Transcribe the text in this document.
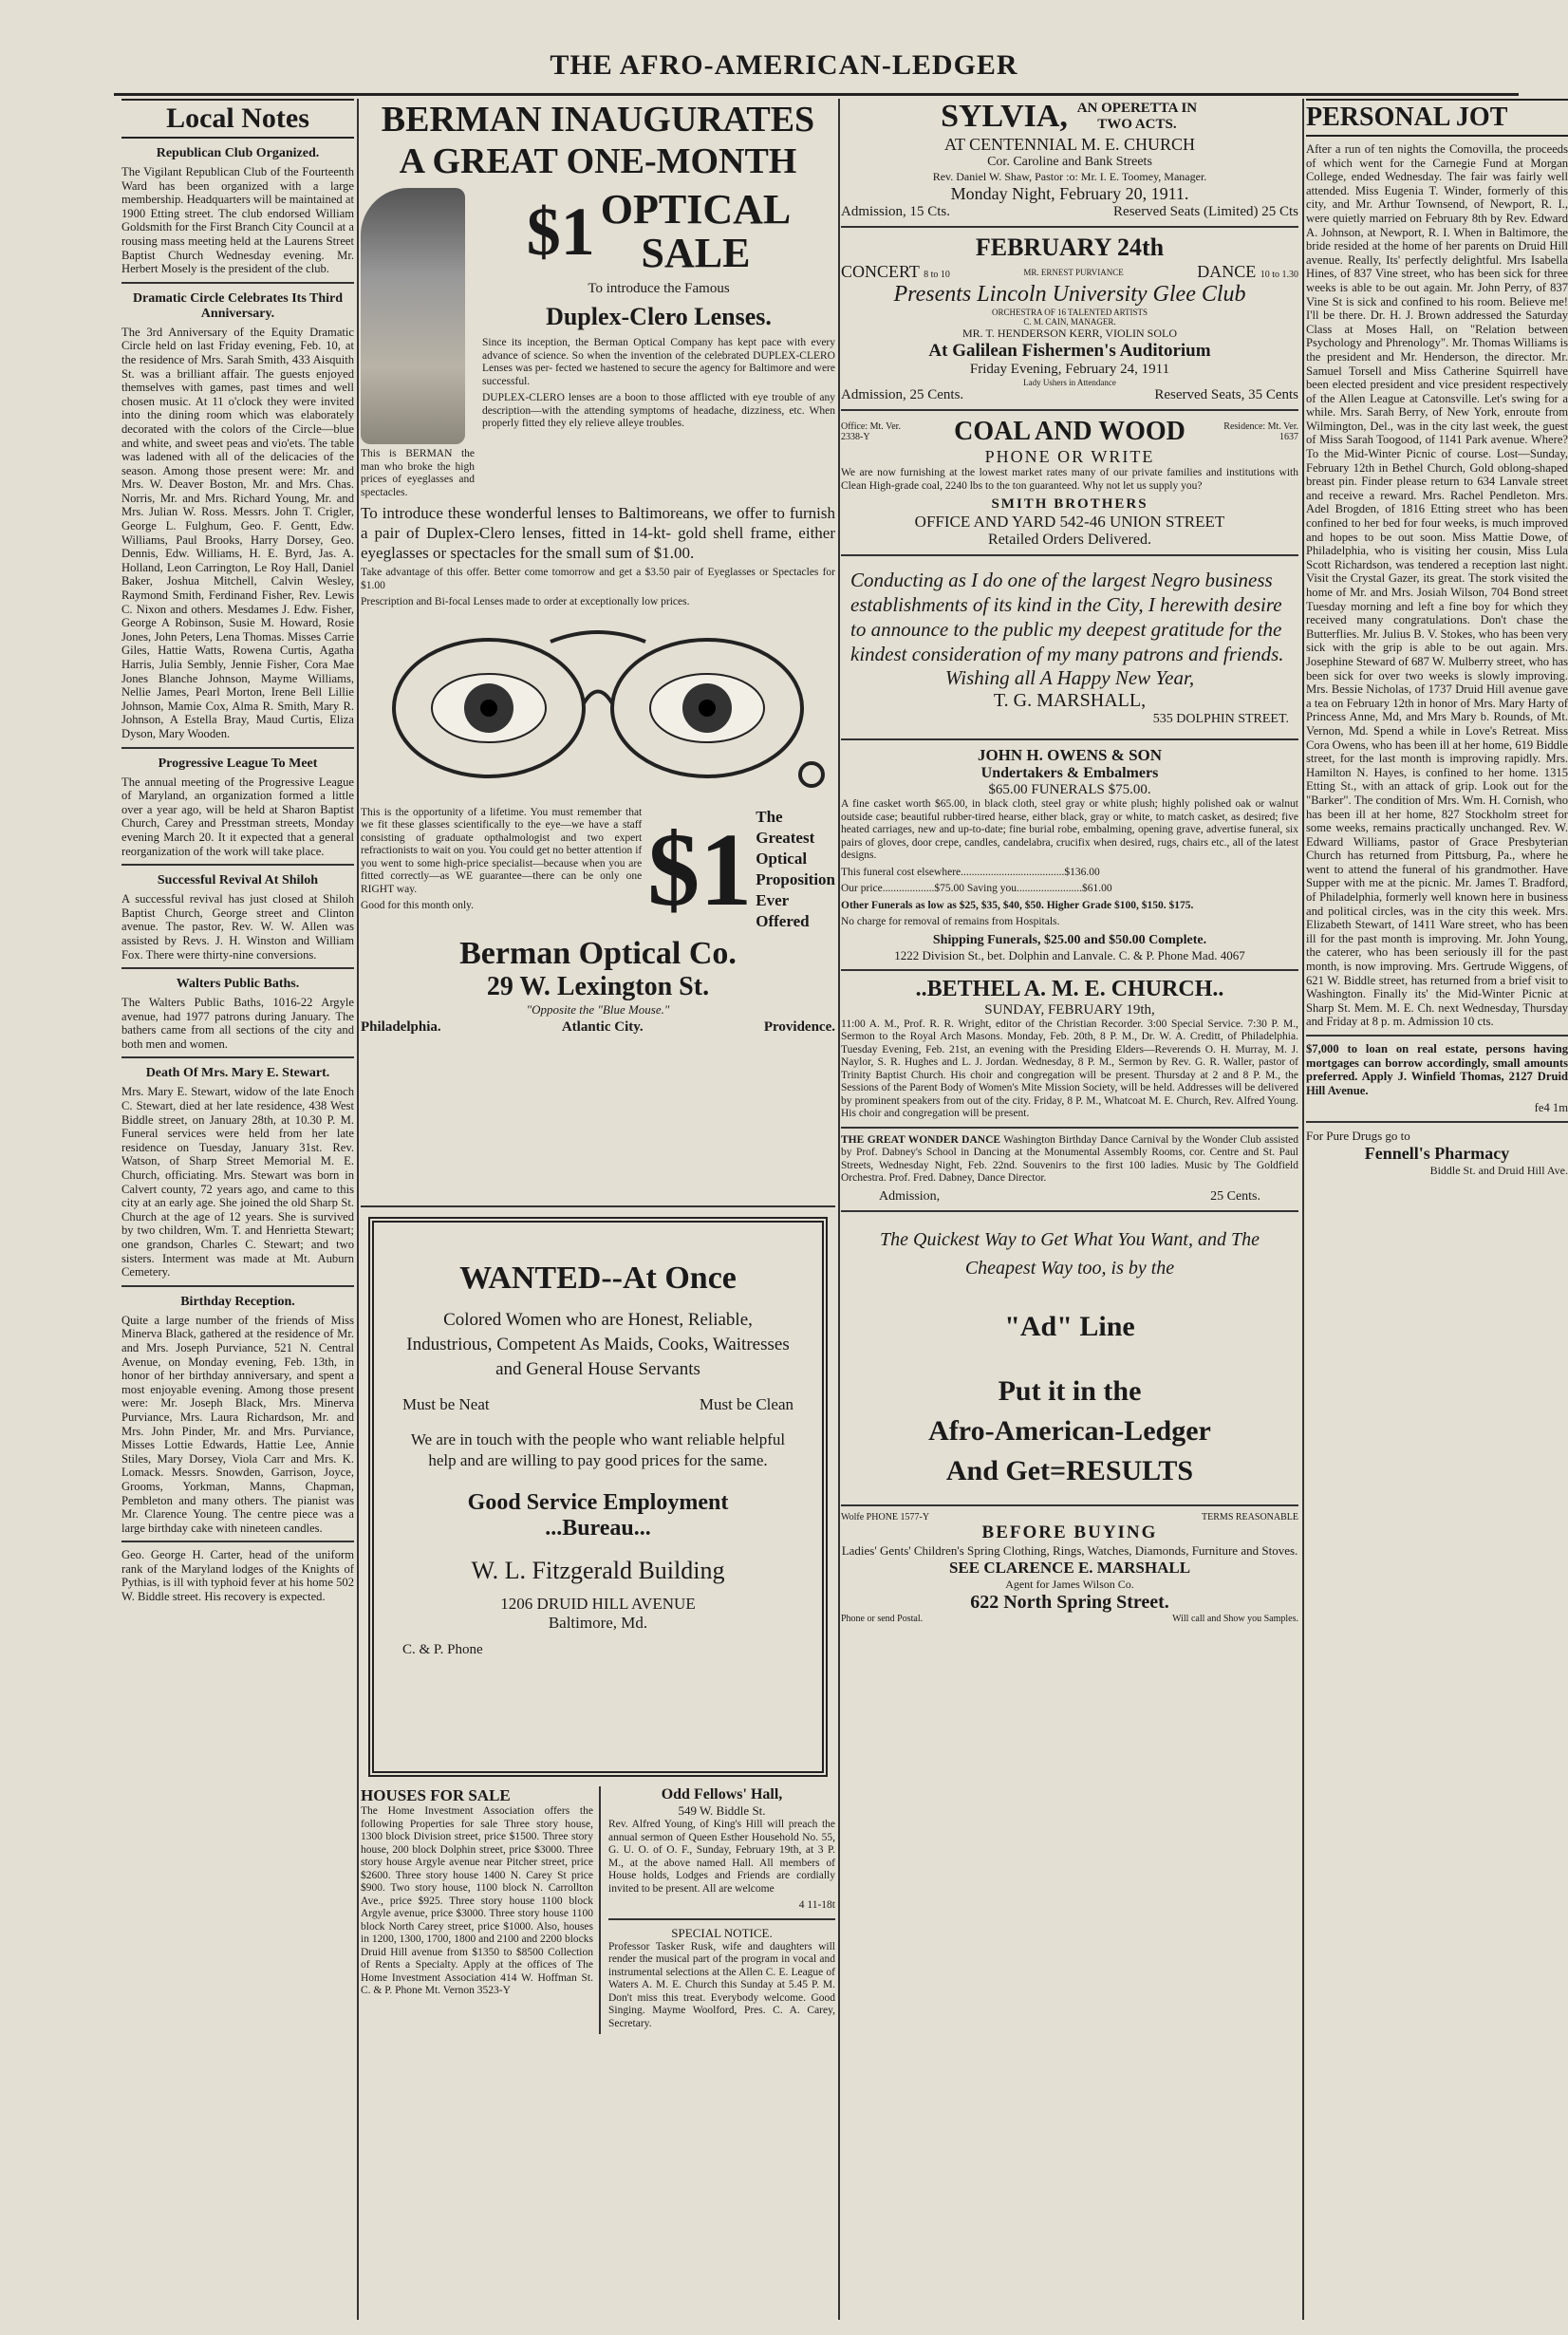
THE AFRO-AMERICAN-LEDGER
Local Notes
Republican Club Organized.

The Vigilant Republican Club of the Fourteenth Ward has been organized with a large membership. Headquarters will be maintained at 1900 Etting street. The club endorsed William Goldsmith for the First Branch City Council at a rousing mass meeting held at the Laurens Street Baptist Church Wednesday evening. Mr. Herbert Mosely is the president of the club.

Dramatic Circle Celebrates Its Third Anniversary.

The 3rd Anniversary of the Equity Dramatic Circle held on last Friday evening, Feb. 10, at the residence of Mrs. Sarah Smith, 433 Aisquith St. was a brilliant affair. The guests enjoyed themselves with games, past times and well chosen music. At 11 o'clock they were invited into the dining room which was elaborately decorated with the colors of the Circle—blue and white, and sweet peas and vio'ets. The table was ladened with all of the delicacies of the season. Among those present were: Mr. and Mrs. W. Deaver Boston, Mr. and Mrs. Chas. Norris, Mr. and Mrs. Richard Young, Mr. and Mrs. Julian W. Ross. Messrs. John T. Crigler, George L. Fulghum, Geo. F. Gentt, Edw. Williams, Paul Brooks, Harry Dorsey, Geo. Dennis, Edw. Williams, H. E. Byrd, Jas. A. Holland, Leon Carrington, Le Roy Hall, Daniel Baker, Joshua Mitchell, Calvin Wesley, Raymond Smith, Ferdinand Fisher, Rev. Lewis C. Nixon and others. Mesdames J. Edw. Fisher, George A Robinson, Susie M. Howard, Rosie Jones, John Peters, Lena Thomas. Misses Carrie Giles, Hattie Watts, Rowena Curtis, Agatha Harris, Julia Sembly, Jennie Fisher, Cora Mae Jones Blanche Johnson, Mayme Williams, Nellie James, Pearl Morton, Irene Bell Lillie Johnson, Mamie Cox, Alma R. Smith, Mary R. Johnson, A Estella Bray, Maud Curtis, Eliza Dyson, Mary Wooden.

Progressive League To Meet

The annual meeting of the Progressive League of Maryland, an organization formed a little over a year ago, will be held at Sharon Baptist Church, Carey and Presstman streets, Monday evening March 20. It it expected that a general reorganization of the work will take place.

Successful Revival At Shiloh

A successful revival has just closed at Shiloh Baptist Church, George street and Clinton avenue. The pastor, Rev. W. W. Allen was assisted by Revs. J. H. Winston and William Fox. There were thirty-nine conversions.

Walters Public Baths.

The Walters Public Baths, 1016-22 Argyle avenue, had 1977 patrons during January. The bathers came from all sections of the city and both men and women.

Death Of Mrs. Mary E. Stewart.

Mrs. Mary E. Stewart, widow of the late Enoch C. Stewart, died at her late residence, 438 West Biddle street, on January 28th, at 10.30 P. M. Funeral services were held from her late residence on Tuesday, January 31st. Rev. Watson, of Sharp Street Memorial M. E. Church, officiating. Mrs. Stewart was born in Calvert county, 72 years ago, and came to this city at an early age. She joined the old Sharp St. Church at the age of 12 years. She is survived by two children, Wm. T. and Henrietta Stewart; one grandson, Charles C. Stewart; and two sisters. Interment was made at Mt. Auburn Cemetery.

Birthday Reception.

Quite a large number of the friends of Miss Minerva Black, gathered at the residence of Mr. and Mrs. Joseph Purviance, 521 N. Central Avenue, on Monday evening, Feb. 13th, in honor of her birthday anniversary, and spent a most enjoyable evening. Among those present were: Mr. Joseph Black, Mrs. Minerva Purviance, Mrs. Laura Richardson, Mr. and Mrs. John Pinder, Mr. and Mrs. Purviance, Misses Lottie Edwards, Hattie Lee, Annie Stiles, Mary Dorsey, Viola Carr and Mrs. K. Lomack. Messrs. Snowden, Garrison, Joyce, Grooms, Yorkman, Manns, Chapman, Pembleton and many others. The pianist was Mr. Clarence Young. The centre piece was a large birthday cake with nineteen candles.

Geo. George H. Carter, head of the uniform rank of the Maryland lodges of the Knights of Pythias, is ill with typhoid fever at his home 502 W. Biddle street. His recovery is expected.

BERMAN INAUGURATES
A GREAT ONE-MONTH

This is BERMAN the man who broke the high prices of eyeglasses and spectacles.

$1 OPTICAL
SALE
To introduce the Famous
Duplex-Clero Lenses.

Since its inception, the Berman Optical Company has kept pace with every advance of science. So when the invention of the celebrated DUPLEX-CLERO Lenses was per- fected we hastened to secure the agency for Baltimore and were successful.

DUPLEX-CLERO lenses are a boon to those afflicted with eye trouble of any description—with the attending symptoms of headache, dizziness, etc. When properly fitted they ely relieve alleye troubles.

To introduce these wonderful lenses to Baltimoreans, we offer to furnish a pair of Duplex-Clero lenses, fitted in 14-kt- gold shell frame, either eyeglasses or spectacles for the small sum of $1.00.

Take advantage of this offer. Better come tomorrow and get a $3.50 pair of Eyeglasses or Spectacles for $1.00

Prescription and Bi-focal Lenses made to order at exceptionally low prices.

This is the opportunity of a lifetime. You must remember that we fit these glasses scientifically to the eye—we have a staff consisting of graduate opthalmologist and two expert refractionists to wait on you. You could get no better attention if you went to some high-price specialist—because when you are fitted correctly—as WE guarantee—there can be only one RIGHT way.

Good for this month only.	$1 The Greatest Optical Proposition Ever Offered
Berman Optical Co.
29 W. Lexington St.
"Opposite the "Blue Mouse."
Philadelphia.	Atlantic City.	Providence.
WANTED--At Once
Colored Women who are Honest, Reliable, Industrious, Competent As Maids, Cooks, Waitresses and General House Servants
Must be Neat	Must be Clean
We are in touch with the people who want reliable helpful help and are willing to pay good prices for the same.
Good Service Employment
...Bureau...
W. L. Fitzgerald Building
1206 DRUID HILL AVENUE
Baltimore, Md.
C. & P. Phone
HOUSES FOR SALE

The Home Investment Association offers the following Properties for sale Three story house, 1300 block Division street, price $1500. Three story house, 200 block Dolphin street, price $3000. Three story house Argyle avenue near Pitcher street, price $2600. Three story house 1400 N. Carey St price $900. Two story house, 1100 block N. Carrollton Ave., price $925. Three story house 1100 block Argyle avenue, price $3000. Three story house 1100 block North Carey street, price $1000. Also, houses in 1200, 1300, 1700, 1800 and 2100 and 2200 blocks Druid Hill avenue from $1350 to $8500 Collection of Rents a Specialty. Apply at the offices of The Home Investment Association 414 W. Hoffman St. C. & P. Phone Mt. Vernon 3523-Y

Odd Fellows' Hall,
549 W. Biddle St.

Rev. Alfred Young, of King's Hill will preach the annual sermon of Queen Esther Household No. 55, G. U. O. of O. F., Sunday, February 19th, at 3 P. M., at the above named Hall. All members of House holds, Lodges and Friends are cordially invited to be present. All are welcome

4 11-18t

SPECIAL NOTICE.

Professor Tasker Rusk, wife and daughters will render the musical part of the program in vocal and instrumental selections at the Allen C. E. League of Waters A. M. E. Church this Sunday at 5.45 P. M. Don't miss this treat. Everybody welcome. Good Singing. Mayme Woolford, Pres. C. A. Carey, Secretary.

SYLVIA, AN OPERETTA IN TWO ACTS.
AT CENTENNIAL M. E. CHURCH
Cor. Caroline and Bank Streets
Rev. Daniel W. Shaw, Pastor :o: Mr. I. E. Toomey, Manager.
Monday Night, February 20, 1911.
Admission, 15 Cts.	Reserved Seats (Limited) 25 Cts
FEBRUARY 24th
CONCERT 8 to 10	MR. ERNEST PURVIANCE	DANCE 10 to 1.30
Presents Lincoln University Glee Club
ORCHESTRA OF 16 TALENTED ARTISTS
C. M. CAIN, MANAGER.
MR. T. HENDERSON KERR, VIOLIN SOLO
At Galilean Fishermen's Auditorium
Friday Evening, February 24, 1911
Lady Ushers in Attendance
Admission, 25 Cents.	Reserved Seats, 35 Cents
Office: Mt. Ver. 2338-Y	COAL AND WOOD	Residence: Mt. Ver. 1637
PHONE OR WRITE

We are now furnishing at the lowest market rates many of our private families and institutions with Clean High-grade coal, 2240 lbs to the ton guaranteed. Why not let us supply you?

SMITH BROTHERS
OFFICE AND YARD 542-46 UNION STREET
Retailed Orders Delivered.
Conducting as I do one of the largest Negro business establishments of its kind in the City, I herewith desire to announce to the public my deepest gratitude for the kindest consideration of my many patrons and friends.
Wishing all A Happy New Year,
T. G. MARSHALL,
535 DOLPHIN STREET.
JOHN H. OWENS & SON
Undertakers & Embalmers
$65.00 FUNERALS $75.00.

A fine casket worth $65.00, in black cloth, steel gray or white plush; highly polished oak or walnut outside case; beautiful rubber-tired hearse, either black, gray or white, to match casket, as desired; five heated carriages, new and up-to-date; fine burial robe, embalming, opening grave, advertise funeral, six pairs of gloves, door crepe, candles, candelabra, crucifix when desired, rugs, chairs etc., all of the latest designs.

This funeral cost elsewhere......................................$136.00

Our price...................$75.00 Saving you........................$61.00

Other Funerals as low as $25, $35, $40, $50. Higher Grade $100, $150. $175.

No charge for removal of remains from Hospitals.

Shipping Funerals, $25.00 and $50.00 Complete.
1222 Division St., bet. Dolphin and Lanvale. C. & P. Phone Mad. 4067
..BETHEL A. M. E. CHURCH..
SUNDAY, FEBRUARY 19th,

11:00 A. M., Prof. R. R. Wright, editor of the Christian Recorder. 3:00 Special Service. 7:30 P. M., Sermon to the Royal Arch Masons. Monday, Feb. 20th, 8 P. M., Dr. W. A. Creditt, of Philadelphia. Tuesday Evening, Feb. 21st, an evening with the Presiding Elders—Reverends O. H. Murray, M. J. Naylor, S. R. Hughes and L. J. Jordan. Wednesday, 8 P. M., Sermon by Rev. G. R. Waller, pastor of Trinity Baptist Church. His choir and congregation will be present. Thursday at 2 and 8 P. M., the Sessions of the Parent Body of Women's Mite Mission Society, will be held. Addresses will be delivered by prominent speakers from out of the city. Friday, 8 P. M., Whatcoat M. E. Church, Rev. Alfred Young. His choir and congregation will be present.

THE GREAT WONDER DANCE Washington Birthday Dance Carnival by the Wonder Club assisted by Prof. Dabney's School in Dancing at the Monumental Assembly Rooms, cor. Centre and St. Paul Streets, Wednesday Night, Feb. 22nd. Souvenirs to the first 100 ladies. Music by The Goldfield Orchestra. Prof. Fred. Dabney, Dance Director.

Admission,	25 Cents.
The Quickest Way to Get What You Want, and The Cheapest Way too, is by the
"Ad" Line
Put it in the
Afro-American-Ledger
And Get=RESULTS
Wolfe PHONE 1577-Y	TERMS REASONABLE
BEFORE BUYING
Ladies' Gents' Children's Spring Clothing, Rings, Watches, Diamonds, Furniture and Stoves.
SEE CLARENCE E. MARSHALL
Agent for James Wilson Co.
622 North Spring Street.
Phone or send Postal.	Will call and Show you Samples.
PERSONAL JOT

After a run of ten nights the Comovilla, the proceeds of which went for the Carnegie Fund at Morgan College, ended Wednesday. The fair was fairly well attended. Miss Eugenia T. Winder, formerly of this city, and Mr. Arthur Townsend, of Newport, R. I., were quietly married on February 8th by Rev. Edward A. Johnson, at Newport, R. I. When in Baltimore, the bride resided at the home of her parents on Druid Hill avenue. Really, Its' perfectly delightful. Mrs Isabella Hines, of 837 Vine street, who has been sick for three weeks is able to be out again. Mr. John Perry, of 837 Vine St is sick and confined to his room. Believe me! I'll be there. Dr. H. J. Brown addressed the Saturday Class at Moses Hall, on "Relation between Psychology and Phrenology". Mr. Thomas Williams is the president and Mr. Henderson, the director. Mr. Samuel Torsell and Miss Catherine Squirrell have been elected president and vice president respectively of the Allen League at Catonsville. Let's swing for a while. Mrs. Sarah Berry, of New York, enroute from Wilmington, Del., was in the city last week, the guest of Miss Sarah Toogood, of 1141 Park avenue. Where? To the Mid-Winter Picnic of course. Lost—Sunday, February 12th in Bethel Church, Gold oblong-shaped breast pin. Finder please return to 634 Lanvale street and receive a reward. Mrs. Rachel Pendleton. Mrs. Adel Brogden, of 1816 Etting street who has been confined to her bed for four weeks, is much improved and hopes to be out soon. Miss Mattie Dowe, of Philadelphia, who is visiting her cousin, Miss Lula Scott Richardson, was tendered a reception last night. Visit the Crystal Gazer, its great. The stork visited the home of Mr. and Mrs. Josiah Wilson, 704 Bond street Tuesday morning and left a fine boy for which they received many congratulations. Don't chase the Butterflies. Mr. Julius B. V. Stokes, who has been very sick with the grip is able to be out again. Mrs. Josephine Steward of 687 W. Mulberry street, who has been sick for over two weeks is slowly improving. Mrs. Bessie Nicholas, of 1737 Druid Hill avenue gave a tea on February 12th in honor of Mrs. Mary Harty of Princess Anne, Md, and Mrs Mary b. Rounds, of Mt. Vernon, Md. Spend a while in Love's Retreat. Miss Cora Owens, who has been ill at her home, 619 Biddle street, for the last month is improving rapidly. Mrs. Hamilton N. Hayes, is confined to her home. 1315 Etting St., with an attack of grip. Look out for the "Barker". The condition of Mrs. Wm. H. Cornish, who has been ill at her home, 827 Stockholm street for some weeks, remains practically unchanged. Rev. W. Edward Williams, pastor of Grace Presbyterian Church has returned from Pittsburg, Pa., where he went to attend the funeral of his grandmother. Have Supper with me at the picnic. Mr. James T. Bradford, of Philadelphia, formerly well known here in business and political circles, was in the city this week. Mrs. Elizabeth Stewart, of 1411 Ware street, who has been ill for the past month is improving. Mr. John Young, the caterer, who has been seriously ill for the past month, is now improving. Mrs. Gertrude Wiggens, of 621 W. Biddle street, has returned from a brief visit to Washington. Finally its' the Mid-Winter Picnic at Sharp St. Mem. M. E. Ch. next Wednesday, Thursday and Friday at 8 p. m. Admission 10 cts.

$7,000 to loan on real estate, persons having mortgages can borrow accordingly, small amounts preferred. Apply J. Winfield Thomas, 2127 Druid Hill Avenue.

fe4 1m

For Pure Drugs go to
Fennell's Pharmacy
Biddle St. and Druid Hill Ave.
